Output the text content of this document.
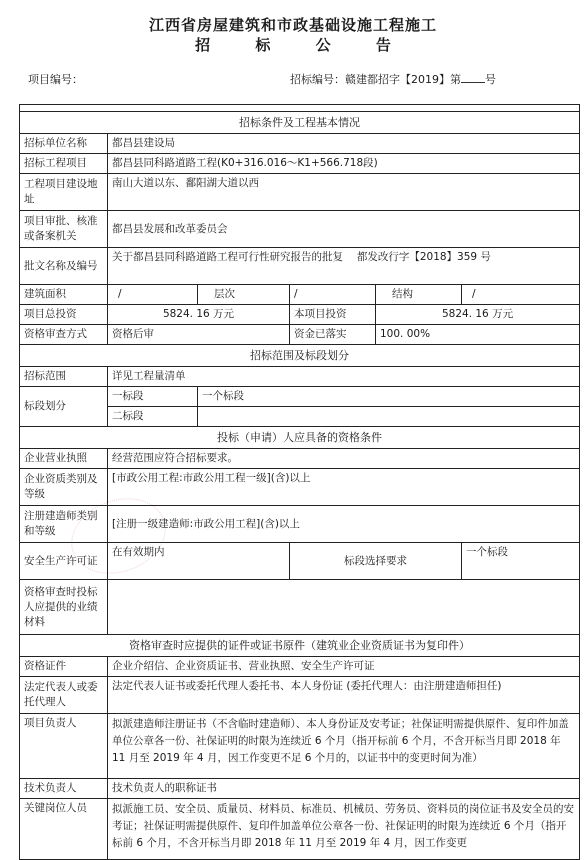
江西省房屋建筑和市政基础设施工程施工
招 标 公 告
项目编号：	招标编号：赣建都招字【2019】第 号

招标条件及工程基本情况					
招标单位名称	都昌县建设局				
招标工程项目	都昌县同科路道路工程(K0+316.016～K1+566.718段)				
工程项目建设地址	南山大道以东、鄱阳湖大道以西				
项目审批、核准或备案机关	都昌县发展和改革委员会				
批文名称及编号	关于都昌县同科路道路工程可行性研究报告的批复　 都发改行字【2018】359 号				
建筑面积	/	层次	/	结构	/
项目总投资	5824. 16 万元		本项目投资	5824. 16 万元	
资格审查方式	资格后审		资金已落实	100. 00%	
招标范围及标段划分					
招标范围	详见工程量清单				
标段划分	一标段	一个标段			
	二标段				
投标（申请）人应具备的资格条件					
企业营业执照	经营范围应符合招标要求。				
企业资质类别及等级	[市政公用工程:市政公用工程一级](含)以上				
注册建造师类别和等级	[注册一级建造师:市政公用工程](含)以上				
安全生产许可证	在有效期内		标段选择要求		一个标段
资格审查时投标人应提供的业绩材料					
资格审查时应提供的证件或证书原件（建筑业企业资质证书为复印件）					
资格证件	企业介绍信、企业资质证书、营业执照、安全生产许可证				
法定代表人或委托代理人	法定代表人证书或委托代理人委托书、本人身份证 (委托代理人：由注册建造师担任)				
项目负责人	拟派建造师注册证书（不含临时建造师）、本人身份证及安考证；社保证明需提供原件、复印件加盖单位公章各一份、社保证明的时限为连续近 6 个月（指开标前 6 个月，不含开标当月即 2018 年 11 月至 2019 年 4 月，因工作变更不足 6 个月的，以证书中的变更时间为准）				
技术负责人	技术负责人的职称证书				
关键岗位人员	拟派施工员、安全员、质量员、材料员、标准员、机械员、劳务员、资料员的岗位证书及安全员的安考证；社保证明需提供原件、复印件加盖单位公章各一份、社保证明的时限为连续近 6 个月（指开标前 6 个月，不含开标当月即 2018 年 11 月至 2019 年 4 月，因工作变更				
